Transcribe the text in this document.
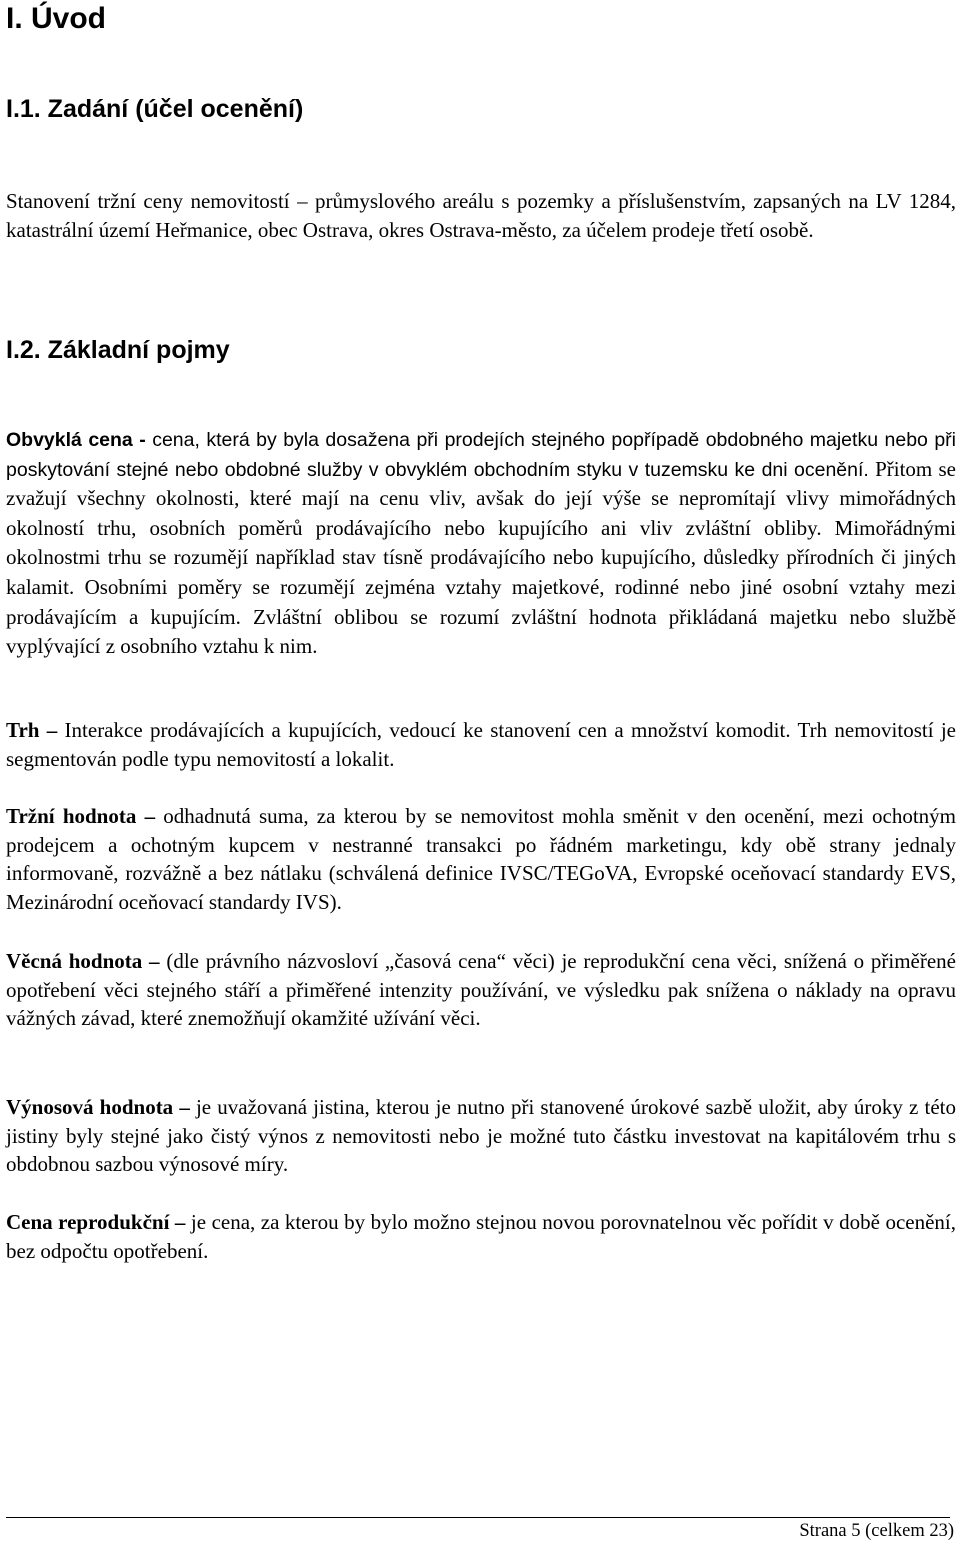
I. Úvod
I.1. Zadání (účel ocenění)

Stanovení tržní ceny nemovitostí – průmyslového areálu s pozemky a příslušenstvím, zapsaných na LV 1284, katastrální území Heřmanice, obec Ostrava, okres Ostrava-město, za účelem prodeje třetí osobě.

I.2. Základní pojmy

Obvyklá cena - cena, která by byla dosažena při prodejích stejného popřípadě obdobného majetku nebo při poskytování stejné nebo obdobné služby v obvyklém obchodním styku v tuzemsku ke dni ocenění. Přitom se zvažují všechny okolnosti, které mají na cenu vliv, avšak do její výše se nepromítají vlivy mimořádných okolností trhu, osobních poměrů prodávajícího nebo kupujícího ani vliv zvláštní obliby. Mimořádnými okolnostmi trhu se rozumějí například stav tísně prodávajícího nebo kupujícího, důsledky přírodních či jiných kalamit. Osobními poměry se rozumějí zejména vztahy majetkové, rodinné nebo jiné osobní vztahy mezi prodávajícím a kupujícím. Zvláštní oblibou se rozumí zvláštní hodnota přikládaná majetku nebo službě vyplývající z osobního vztahu k nim.

Trh – Interakce prodávajících a kupujících, vedoucí ke stanovení cen a množství komodit. Trh nemovitostí je segmentován podle typu nemovitostí a lokalit.

Tržní hodnota – odhadnutá suma, za kterou by se nemovitost mohla směnit v den ocenění, mezi ochotným prodejcem a ochotným kupcem v nestranné transakci po řádném marketingu, kdy obě strany jednaly informovaně, rozvážně a bez nátlaku (schválená definice IVSC/TEGoVA, Evropské oceňovací standardy EVS, Mezinárodní oceňovací standardy IVS).

Věcná hodnota – (dle právního názvosloví „časová cena“ věci) je reprodukční cena věci, snížená o přiměřené opotřebení věci stejného stáří a přiměřené intenzity používání, ve výsledku pak snížena o náklady na opravu vážných závad, které znemožňují okamžité užívání věci.

Výnosová hodnota – je uvažovaná jistina, kterou je nutno při stanovené úrokové sazbě uložit, aby úroky z této jistiny byly stejné jako čistý výnos z nemovitosti nebo je možné tuto částku investovat na kapitálovém trhu s obdobnou sazbou výnosové míry.

Cena reprodukční – je cena, za kterou by bylo možno stejnou novou porovnatelnou věc pořídit v době ocenění, bez odpočtu opotřebení.

Strana 5 (celkem 23)
